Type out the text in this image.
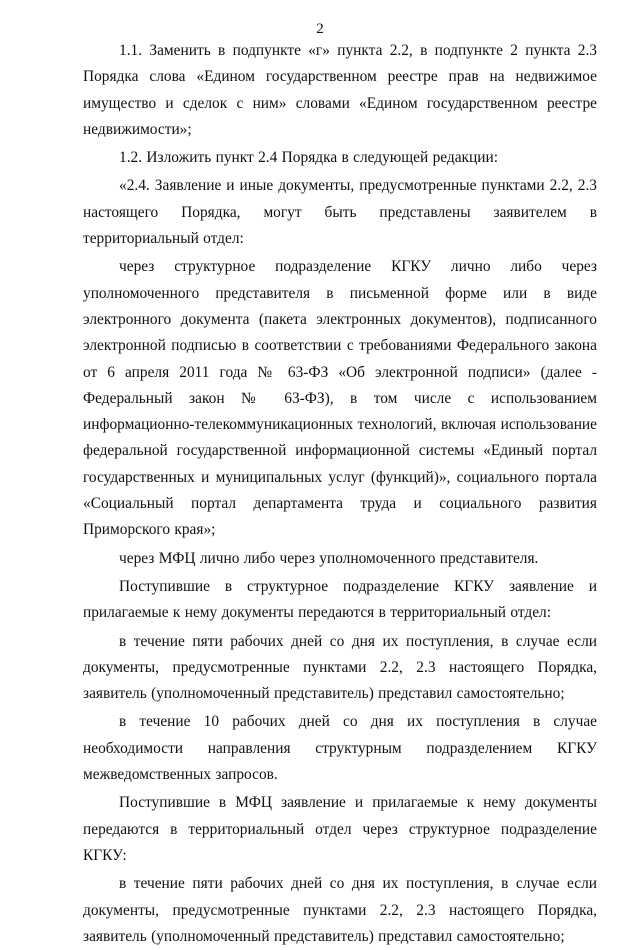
2

1.1. Заменить в подпункте «г» пункта 2.2, в подпункте 2 пункта 2.3 Порядка слова «Едином государственном реестре прав на недвижимое имущество и сделок с ним» словами «Едином государственном реестре недвижимости»;

1.2. Изложить пункт 2.4 Порядка в следующей редакции:

«2.4. Заявление и иные документы, предусмотренные пунктами 2.2, 2.3 настоящего Порядка, могут быть представлены заявителем в территориальный отдел:

через структурное подразделение КГКУ лично либо через уполномоченного представителя в письменной форме или в виде электронного документа (пакета электронных документов), подписанного электронной подписью в соответствии с требованиями Федерального закона от 6 апреля 2011 года № 63-ФЗ «Об электронной подписи» (далее - Федеральный закон № 63-ФЗ), в том числе с использованием информационно-телекоммуникационных технологий, включая использование федеральной государственной информационной системы «Единый портал государственных и муниципальных услуг (функций)», социального портала «Социальный портал департамента труда и социального развития Приморского края»;

через МФЦ лично либо через уполномоченного представителя.

Поступившие в структурное подразделение КГКУ заявление и прилагаемые к нему документы передаются в территориальный отдел:

в течение пяти рабочих дней со дня их поступления, в случае если документы, предусмотренные пунктами 2.2, 2.3 настоящего Порядка, заявитель (уполномоченный представитель) представил самостоятельно;

в течение 10 рабочих дней со дня их поступления в случае необходимости направления структурным подразделением КГКУ межведомственных запросов.

Поступившие в МФЦ заявление и прилагаемые к нему документы передаются в территориальный отдел через структурное подразделение КГКУ:

в течение пяти рабочих дней со дня их поступления, в случае если документы, предусмотренные пунктами 2.2, 2.3 настоящего Порядка, заявитель (уполномоченный представитель) представил самостоятельно;
